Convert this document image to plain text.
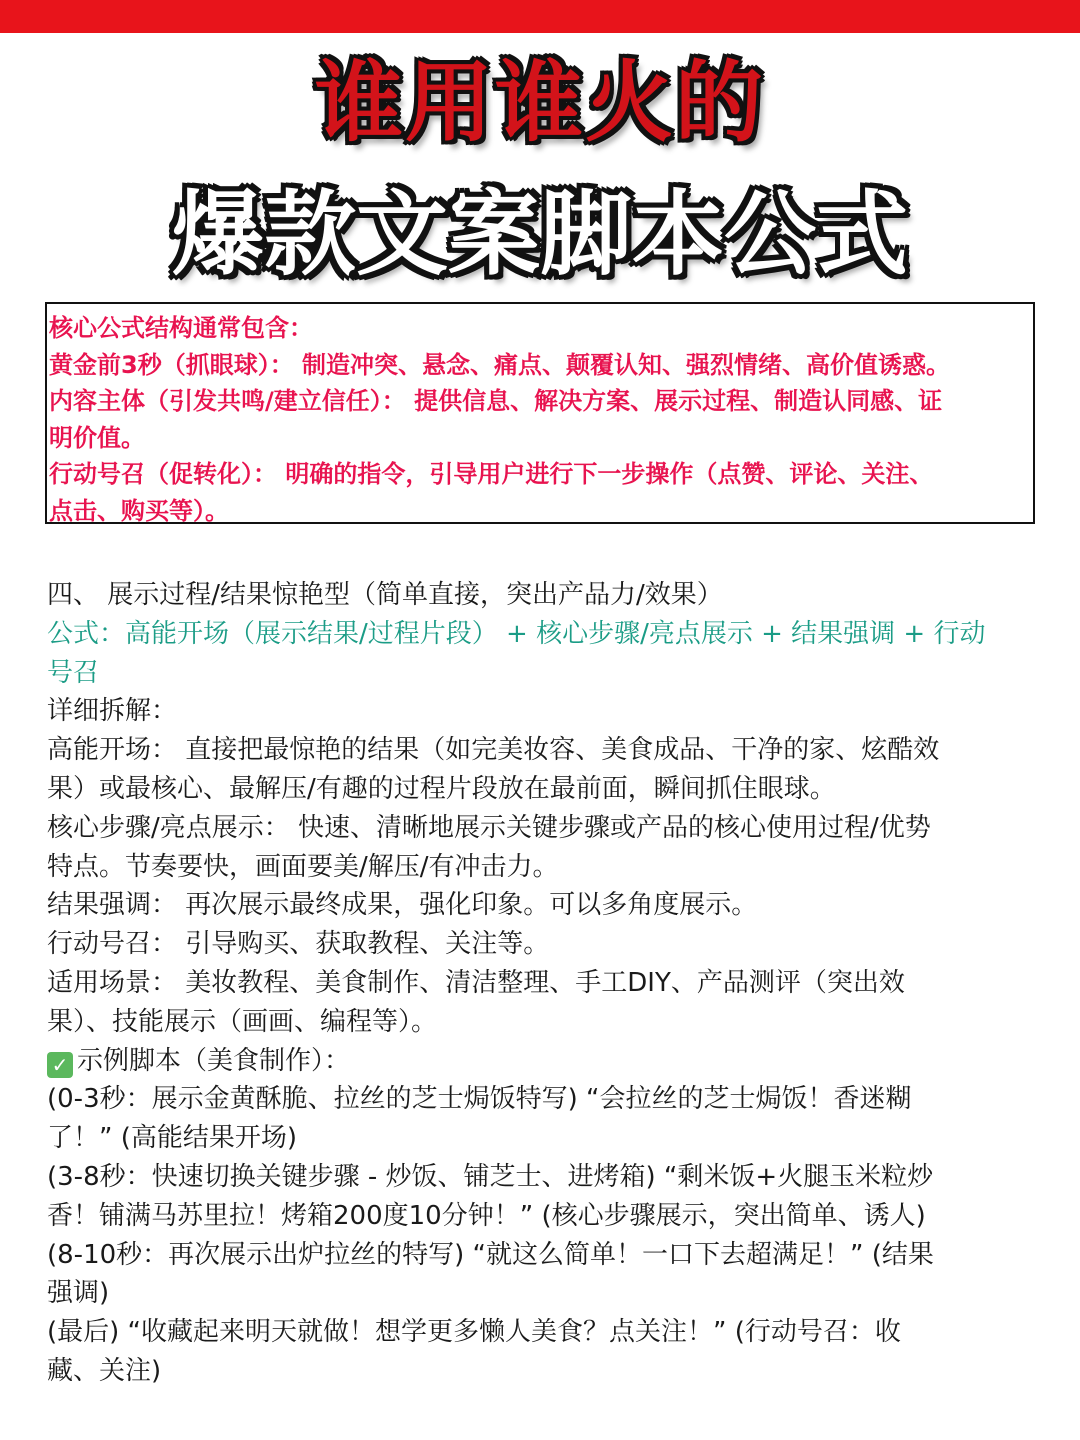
谁用谁火的
爆款文案脚本公式

核心公式结构通常包含：

黄金前3秒（抓眼球）： 制造冲突、悬念、痛点、颠覆认知、强烈情绪、高价值诱惑。

内容主体（引发共鸣/建立信任）： 提供信息、解决方案、展示过程、制造认同感、证

明价值。

行动号召（促转化）： 明确的指令，引导用户进行下一步操作（点赞、评论、关注、

点击、购买等）。

四、 展示过程/结果惊艳型（简单直接，突出产品力/效果）

公式：高能开场（展示结果/过程片段） + 核心步骤/亮点展示 + 结果强调 + 行动

号召

详细拆解：

高能开场： 直接把最惊艳的结果（如完美妆容、美食成品、干净的家、炫酷效

果）或最核心、最解压/有趣的过程片段放在最前面，瞬间抓住眼球。

核心步骤/亮点展示： 快速、清晰地展示关键步骤或产品的核心使用过程/优势

特点。节奏要快，画面要美/解压/有冲击力。

结果强调： 再次展示最终成果，强化印象。可以多角度展示。

行动号召： 引导购买、获取教程、关注等。

适用场景： 美妆教程、美食制作、清洁整理、手工DIY、产品测评（突出效

果）、技能展示（画画、编程等）。

✓ 示例脚本（美食制作）：

(0-3秒：展示金黄酥脆、拉丝的芝士焗饭特写) “会拉丝的芝士焗饭！香迷糊

了！” (高能结果开场)

(3-8秒：快速切换关键步骤 - 炒饭、铺芝士、进烤箱) “剩米饭+火腿玉米粒炒

香！铺满马苏里拉！烤箱200度10分钟！” (核心步骤展示，突出简单、诱人)

(8-10秒：再次展示出炉拉丝的特写) “就这么简单！一口下去超满足！” (结果

强调)

(最后) “收藏起来明天就做！想学更多懒人美食？点关注！” (行动号召：收

藏、关注)
